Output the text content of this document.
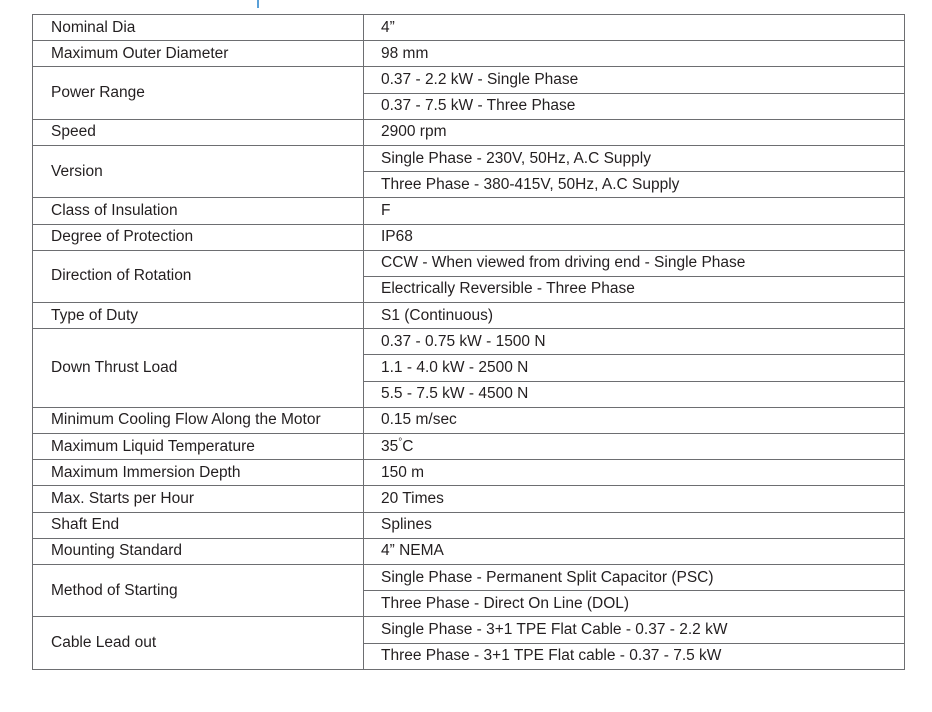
Nominal Dia	4”
Maximum Outer Diameter	98 mm
Power Range	0.37 - 2.2 kW - Single Phase
	0.37 - 7.5 kW - Three Phase
Speed	2900 rpm
Version	Single Phase - 230V, 50Hz, A.C Supply
	Three Phase - 380-415V, 50Hz, A.C Supply
Class of Insulation	F
Degree of Protection	IP68
Direction of Rotation	CCW - When viewed from driving end - Single Phase
	Electrically Reversible - Three Phase
Type of Duty	S1 (Continuous)
Down Thrust Load	0.37 - 0.75 kW - 1500 N
	1.1 - 4.0 kW - 2500 N
	5.5 - 7.5 kW - 4500 N
Minimum Cooling Flow Along the Motor	0.15 m/sec
Maximum Liquid Temperature	35°C
Maximum Immersion Depth	150 m
Max. Starts per Hour	20 Times
Shaft End	Splines
Mounting Standard	4” NEMA
Method of Starting	Single Phase - Permanent Split Capacitor (PSC)
	Three Phase - Direct On Line (DOL)
Cable Lead out	Single Phase - 3+1 TPE Flat Cable - 0.37 - 2.2 kW
	Three Phase - 3+1 TPE Flat cable - 0.37 - 7.5 kW
